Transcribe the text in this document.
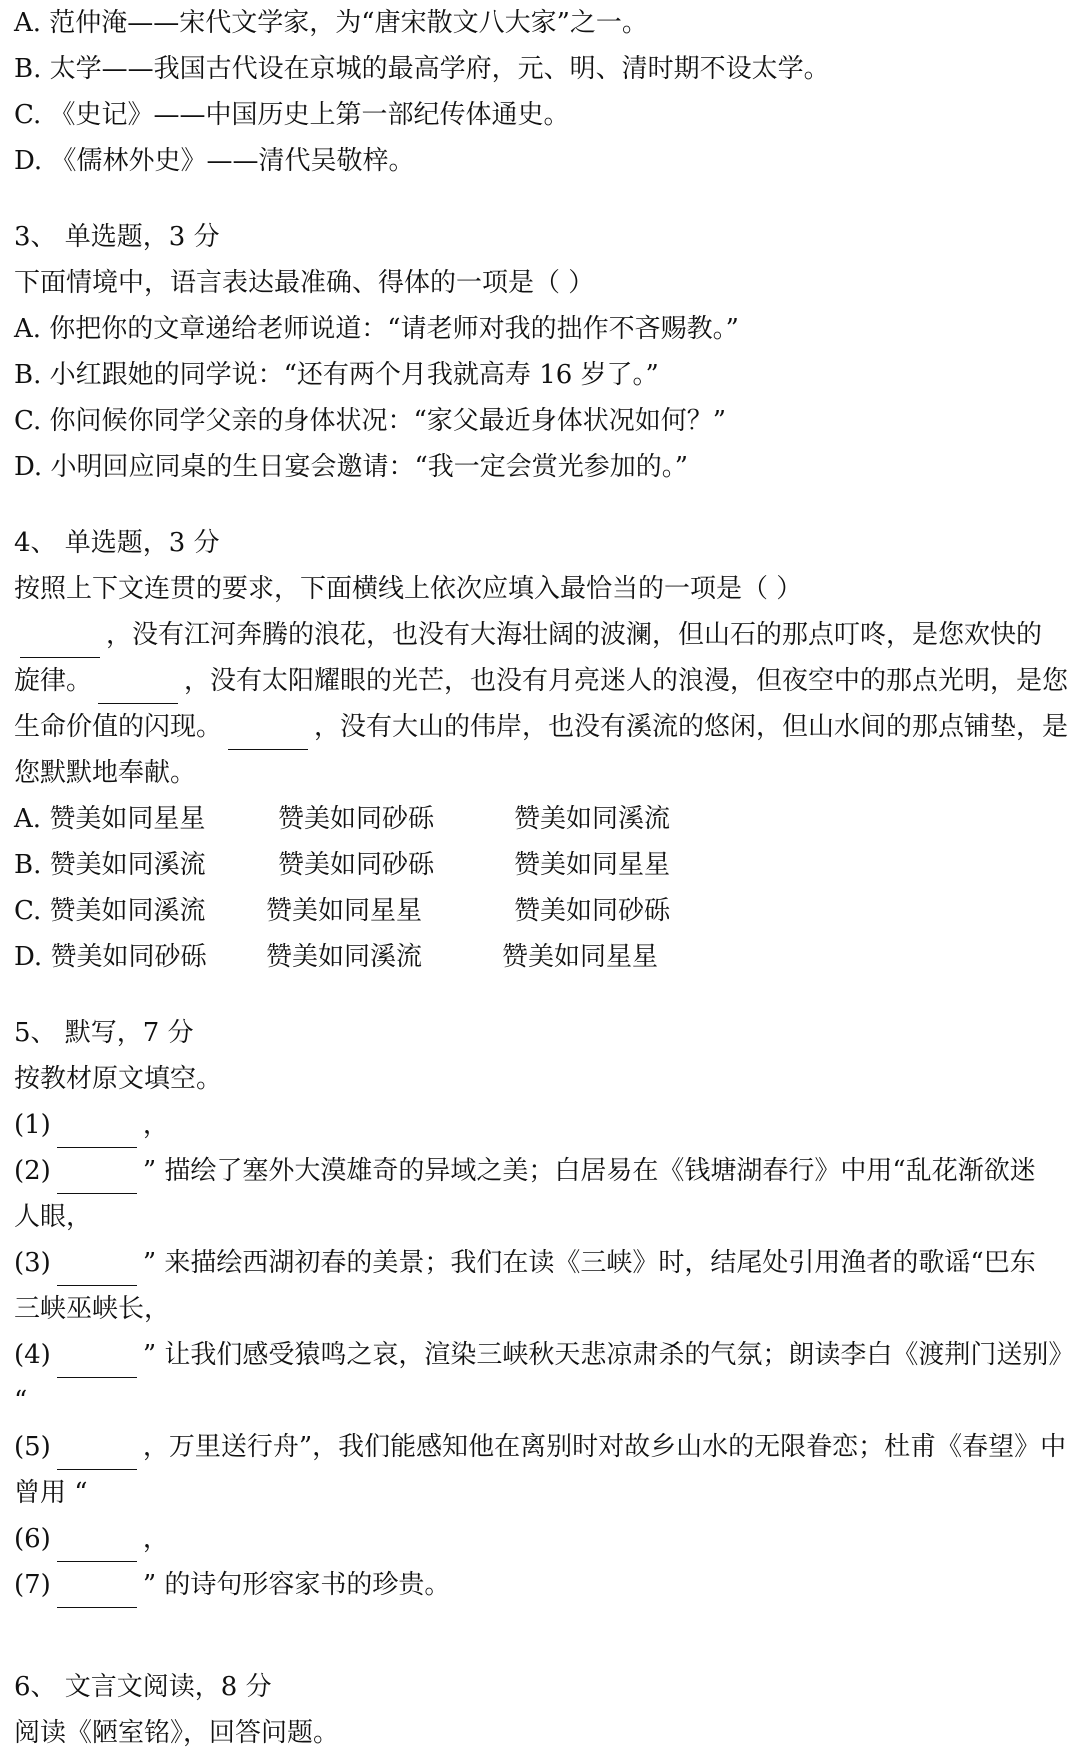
A. 范仲淹——宋代文学家，为“唐宋散文八大家”之一。
B. 太学——我国古代设在京城的最高学府，元、明、清时期不设太学。
C. 《史记》——中国历史上第一部纪传体通史。
D. 《儒林外史》——清代吴敬梓。
3、 单选题，3 分
下面情境中，语言表达最准确、得体的一项是（ ）
A. 你把你的文章递给老师说道：“请老师对我的拙作不吝赐教。”
B. 小红跟她的同学说：“还有两个月我就高寿 16 岁了。”
C. 你问候你同学父亲的身体状况：“家父最近身体状况如何？”
D. 小明回应同桌的生日宴会邀请：“我一定会赏光参加的。”
4、 单选题，3 分
按照上下文连贯的要求，下面横线上依次应填入最恰当的一项是（ ）
，没有江河奔腾的浪花，也没有大海壮阔的波澜，但山石的那点叮咚，是您欢快的
旋律。	，没有太阳耀眼的光芒，也没有月亮迷人的浪漫，但夜空中的那点光明，是您
生命价值的闪现。	，没有大山的伟岸，也没有溪流的悠闲，但山水间的那点铺垫，是
您默默地奉献。
A. 赞美如同星星	赞美如同砂砾	赞美如同溪流
B. 赞美如同溪流	赞美如同砂砾	赞美如同星星
C. 赞美如同溪流	赞美如同星星	赞美如同砂砾
D. 赞美如同砂砾	赞美如同溪流	赞美如同星星
5、 默写，7 分
按教材原文填空。
(1)	，
(2)	” 描绘了塞外大漠雄奇的异域之美；白居易在《钱塘湖春行》中用“乱花渐欲迷
人眼，
(3)	” 来描绘西湖初春的美景；我们在读《三峡》时，结尾处引用渔者的歌谣“巴东
三峡巫峡长，
(4)	” 让我们感受猿鸣之哀，渲染三峡秋天悲凉肃杀的气氛；朗读李白《渡荆门送别》
“
(5)	，万里送行舟”，我们能感知他在离别时对故乡山水的无限眷恋；杜甫《春望》中
曾用 “
(6)	，
(7)	” 的诗句形容家书的珍贵。
6、 文言文阅读，8 分
阅读《陋室铭》，回答问题。
